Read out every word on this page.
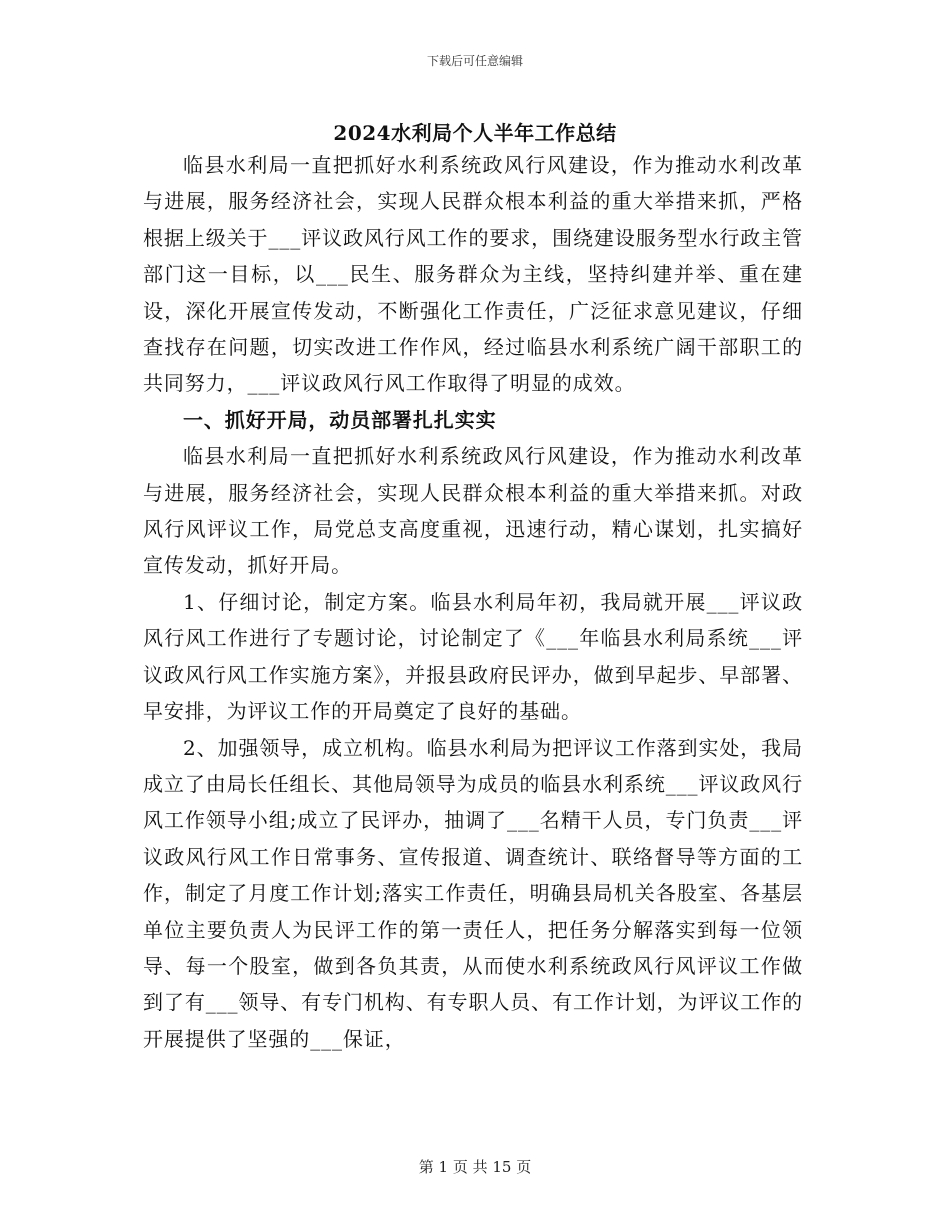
下载后可任意编辑
2024水利局个人半年工作总结

临县水利局一直把抓好水利系统政风行风建设，作为推动水利改革与进展，服务经济社会，实现人民群众根本利益的重大举措来抓，严格根据上级关于___评议政风行风工作的要求，围绕建设服务型水行政主管部门这一目标，以___民生、服务群众为主线，坚持纠建并举、重在建设，深化开展宣传发动，不断强化工作责任，广泛征求意见建议，仔细查找存在问题，切实改进工作作风，经过临县水利系统广阔干部职工的共同努力，___评议政风行风工作取得了明显的成效。

一、抓好开局，动员部署扎扎实实

临县水利局一直把抓好水利系统政风行风建设，作为推动水利改革与进展，服务经济社会，实现人民群众根本利益的重大举措来抓。对政风行风评议工作，局党总支高度重视，迅速行动，精心谋划，扎实搞好宣传发动，抓好开局。

1、仔细讨论，制定方案。临县水利局年初，我局就开展___评议政风行风工作进行了专题讨论，讨论制定了《___年临县水利局系统___评议政风行风工作实施方案》，并报县政府民评办，做到早起步、早部署、早安排，为评议工作的开局奠定了良好的基础。

2、加强领导，成立机构。临县水利局为把评议工作落到实处，我局成立了由局长任组长、其他局领导为成员的临县水利系统___评议政风行风工作领导小组;成立了民评办，抽调了___名精干人员，专门负责___评议政风行风工作日常事务、宣传报道、调查统计、联络督导等方面的工作，制定了月度工作计划;落实工作责任，明确县局机关各股室、各基层单位主要负责人为民评工作的第一责任人，把任务分解落实到每一位领导、每一个股室，做到各负其责，从而使水利系统政风行风评议工作做到了有___领导、有专门机构、有专职人员、有工作计划，为评议工作的开展提供了坚强的___保证，

第 1 页 共 15 页
